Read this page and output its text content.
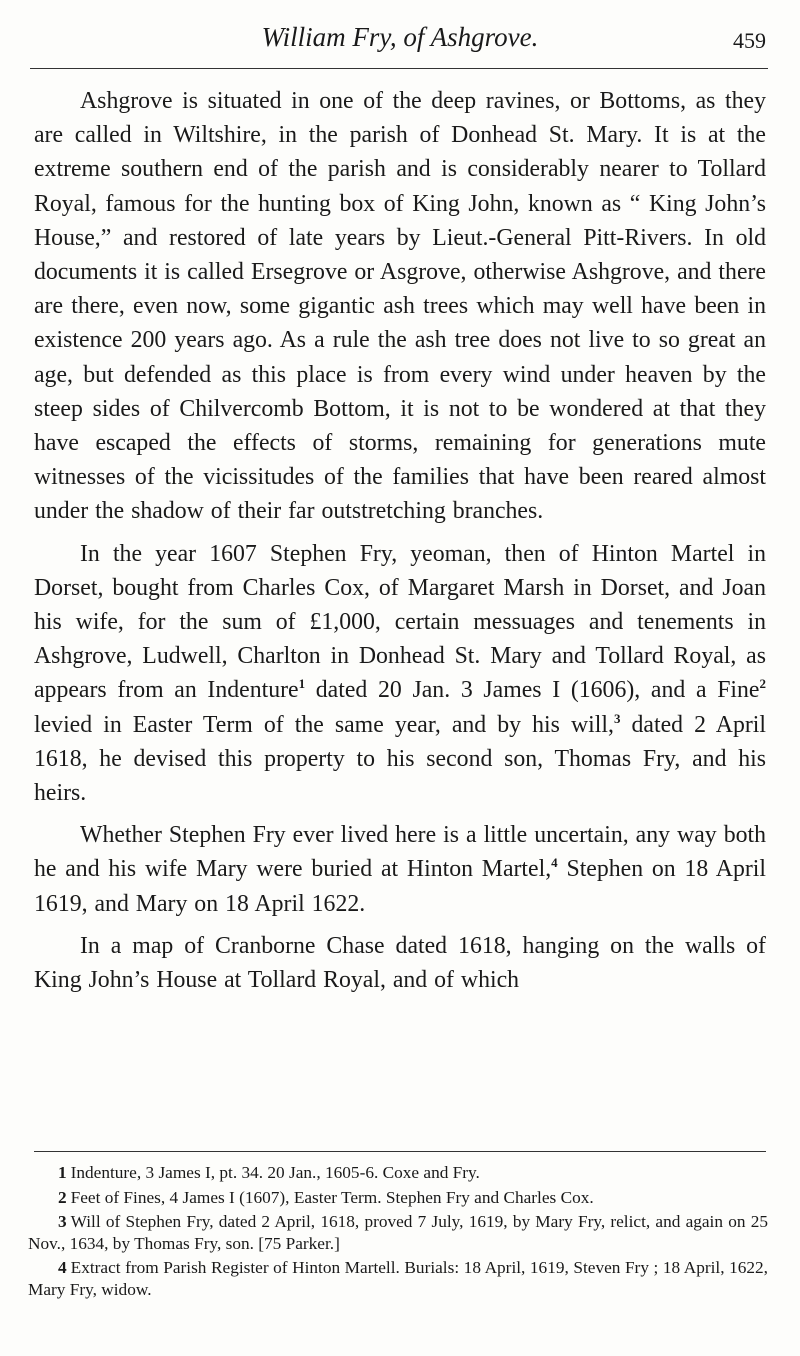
William Fry, of Ashgrove.	459

Ashgrove is situated in one of the deep ravines, or Bottoms, as they are called in Wiltshire, in the parish of Donhead St. Mary. It is at the extreme southern end of the parish and is considerably nearer to Tollard Royal, famous for the hunting box of King John, known as “ King John’s House,” and restored of late years by Lieut.-General Pitt-Rivers. In old documents it is called Ersegrove or Asgrove, otherwise Ashgrove, and there are there, even now, some gigantic ash trees which may well have been in existence 200 years ago. As a rule the ash tree does not live to so great an age, but defended as this place is from every wind under heaven by the steep sides of Chilvercomb Bottom, it is not to be wondered at that they have escaped the effects of storms, remaining for generations mute witnesses of the vicissitudes of the families that have been reared almost under the shadow of their far outstretching branches.

In the year 1607 Stephen Fry, yeoman, then of Hinton Martel in Dorset, bought from Charles Cox, of Margaret Marsh in Dorset, and Joan his wife, for the sum of £1,000, certain messuages and tenements in Ashgrove, Ludwell, Charlton in Donhead St. Mary and Tollard Royal, as appears from an Indenture$^1$ dated 20 Jan. 3 James I (1606), and a Fine$^2$ levied in Easter Term of the same year, and by his will,$^3$ dated 2 April 1618, he devised this property to his second son, Thomas Fry, and his heirs.

Whether Stephen Fry ever lived here is a little uncertain, any way both he and his wife Mary were buried at Hinton Martel,$^4$ Stephen on 18 April 1619, and Mary on 18 April 1622.

In a map of Cranborne Chase dated 1618, hanging on the walls of King John’s House at Tollard Royal, and of which

1 Indenture, 3 James I, pt. 34. 20 Jan., 1605-6. Coxe and Fry.

2 Feet of Fines, 4 James I (1607), Easter Term. Stephen Fry and Charles Cox.

3 Will of Stephen Fry, dated 2 April, 1618, proved 7 July, 1619, by Mary Fry, relict, and again on 25 Nov., 1634, by Thomas Fry, son. [75 Parker.]

4 Extract from Parish Register of Hinton Martell. Burials: 18 April, 1619, Steven Fry ; 18 April, 1622, Mary Fry, widow.
